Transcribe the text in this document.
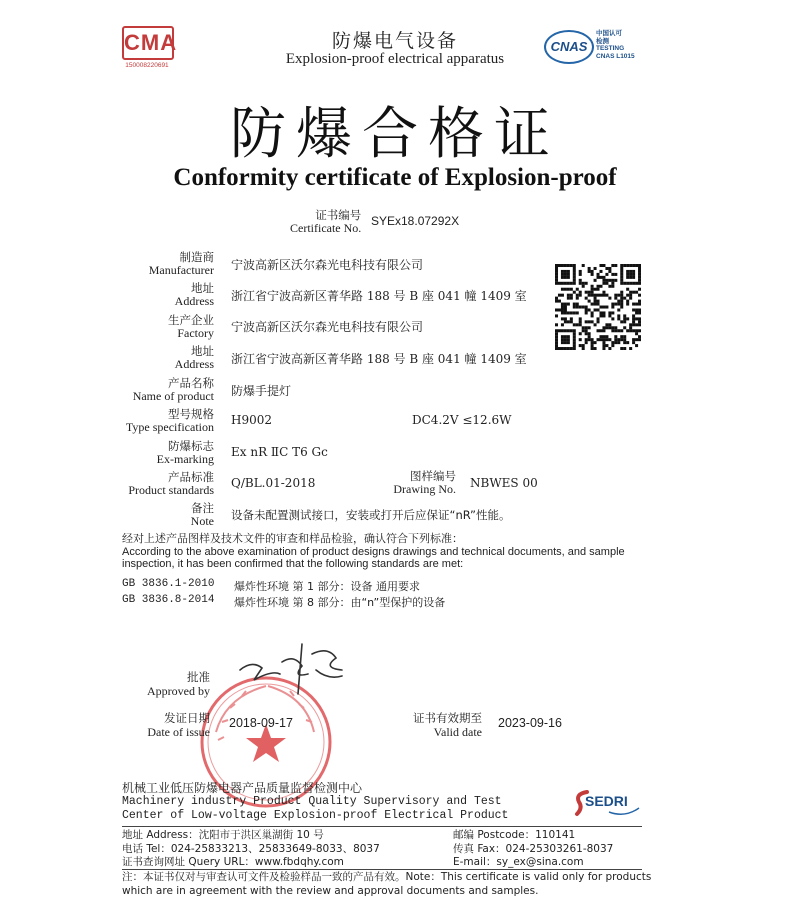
CMA
150008220691
CNAS
中国认可
检测
TESTING
CNAS L1015
防爆电气设备
Explosion-proof electrical apparatus
防爆合格证
Conformity certificate of Explosion-proof
证书编号
Certificate No. SYEx18.07292X
制造商
Manufacturer 宁波高新区沃尔森光电科技有限公司
地址
Address 浙江省宁波高新区菁华路 188 号 B 座 041 幢 1409 室
生产企业
Factory 宁波高新区沃尔森光电科技有限公司
地址
Address 浙江省宁波高新区菁华路 188 号 B 座 041 幢 1409 室
产品名称
Name of product 防爆手提灯
型号规格
Type specification H9002	DC4.2V ≤12.6W
防爆标志
Ex-marking Ex nR ⅡC T6 Gc
产品标准
Product standards Q/BL.01-2018	图样编号
Drawing No. NBWES 00
备注
Note 设备未配置测试接口，安装或打开后应保证“nR”性能。
经对上述产品图样及技术文件的审查和样品检验，确认符合下列标准：
According to the above examination of product designs drawings and technical documents, and sample inspection, it has been confirmed that the following standards are met:
GB 3836.1-2010 爆炸性环境 第 1 部分：设备 通用要求
GB 3836.8-2014 爆炸性环境 第 8 部分：由“n”型保护的设备
批准
Approved by
发证日期
Date of issue
2018-09-17	证书有效期至
Valid date
2023-09-16
机械工业低压防爆电器产品质量监督检测中心
Machinery industry Product Quality Supervisory and Test
Center of Low-voltage Explosion-proof Electrical Product
SEDRI
地址 Address：沈阳市于洪区巢湖街 10 号
电话 Tel：024-25833213、25833649-8033、8037
证书查询网址 Query URL：www.fbdqhy.com
邮编 Postcode：110141
传真 Fax：024-25303261-8037
E-mail：sy_ex@sina.com
注：本证书仅对与审查认可文件及检验样品一致的产品有效。Note：This certificate is valid only for products which are in agreement with the review and approval documents and samples.
